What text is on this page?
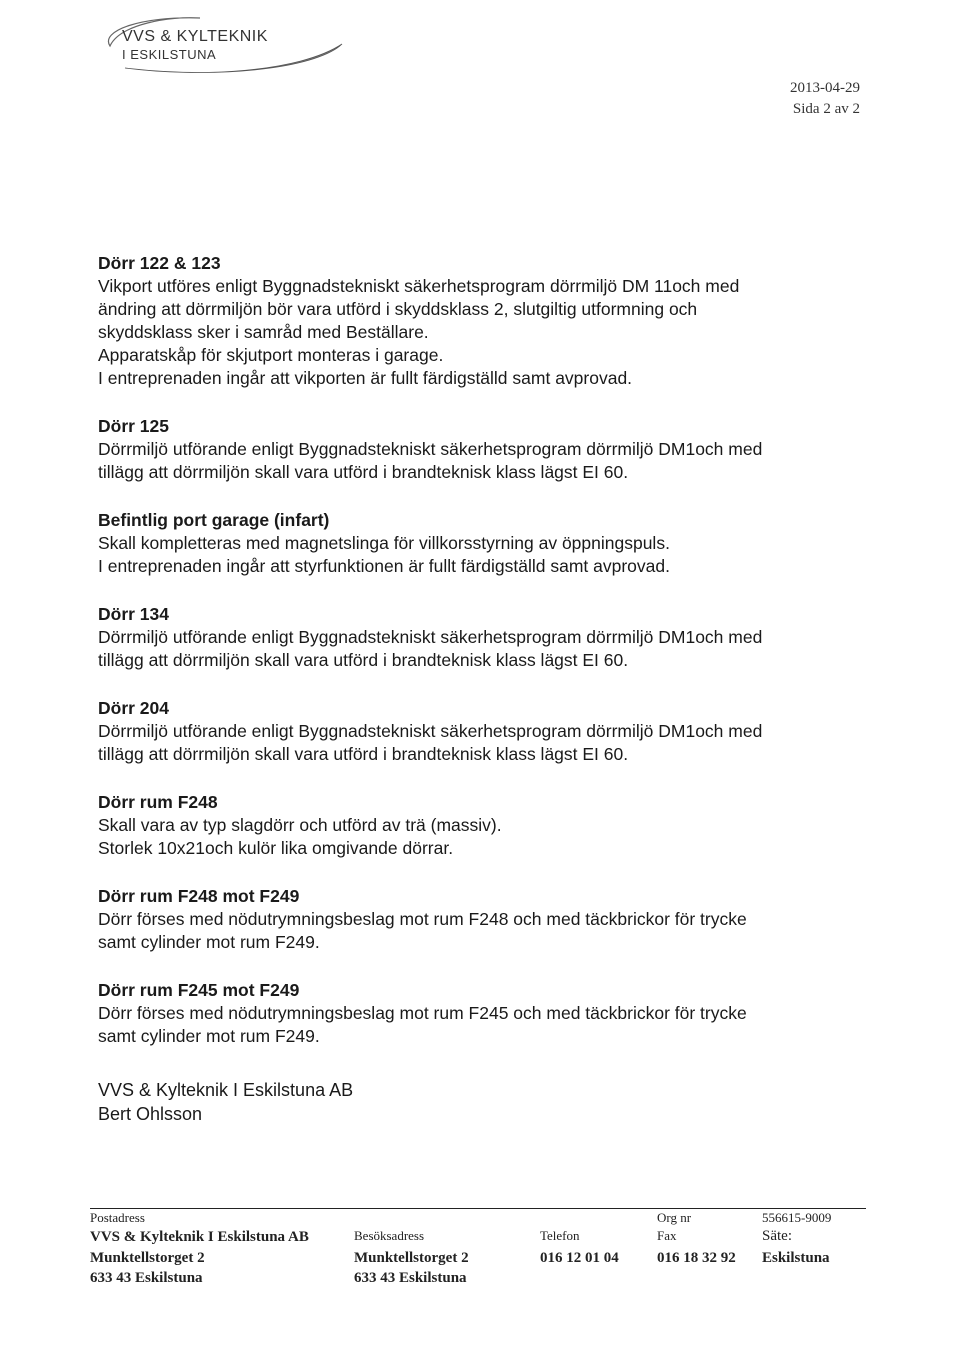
VVS & KYLTEKNIK
I ESKILSTUNA
2013-04-29
Sida 2 av 2
Dörr 122 & 123

Vikport utföres enligt Byggnadstekniskt säkerhetsprogram dörrmiljö DM 11och med
ändring att dörrmiljön bör vara utförd i skyddsklass 2, slutgiltig utformning och
skyddsklass sker i samråd med Beställare.
Apparatskåp för skjutport monteras i garage.
I entreprenaden ingår att vikporten är fullt färdigställd samt avprovad.

Dörr 125

Dörrmiljö utförande enligt Byggnadstekniskt säkerhetsprogram dörrmiljö DM1och med
tillägg att dörrmiljön skall vara utförd i brandteknisk klass lägst EI 60.

Befintlig port garage (infart)

Skall kompletteras med magnetslinga för villkorsstyrning av öppningspuls.
I entreprenaden ingår att styrfunktionen är fullt färdigställd samt avprovad.

Dörr 134

Dörrmiljö utförande enligt Byggnadstekniskt säkerhetsprogram dörrmiljö DM1och med
tillägg att dörrmiljön skall vara utförd i brandteknisk klass lägst EI 60.

Dörr 204

Dörrmiljö utförande enligt Byggnadstekniskt säkerhetsprogram dörrmiljö DM1och med
tillägg att dörrmiljön skall vara utförd i brandteknisk klass lägst EI 60.

Dörr rum F248

Skall vara av typ slagdörr och utförd av trä (massiv).
Storlek 10x21och kulör lika omgivande dörrar.

Dörr rum F248 mot F249

Dörr förses med nödutrymningsbeslag mot rum F248 och med täckbrickor för trycke
samt cylinder mot rum F249.

Dörr rum F245 mot F249

Dörr förses med nödutrymningsbeslag mot rum F245 och med täckbrickor för trycke
samt cylinder mot rum F249.

VVS & Kylteknik I Eskilstuna AB
Bert Ohlsson
Postadress
VVS & Kylteknik I Eskilstuna AB
Munktellstorget 2
633 43 Eskilstuna
Besöksadress
Munktellstorget 2
633 43 Eskilstuna
Telefon
016 12 01 04
Org nr
Fax
016 18 32 92
556615-9009
Säte:
Eskilstuna
